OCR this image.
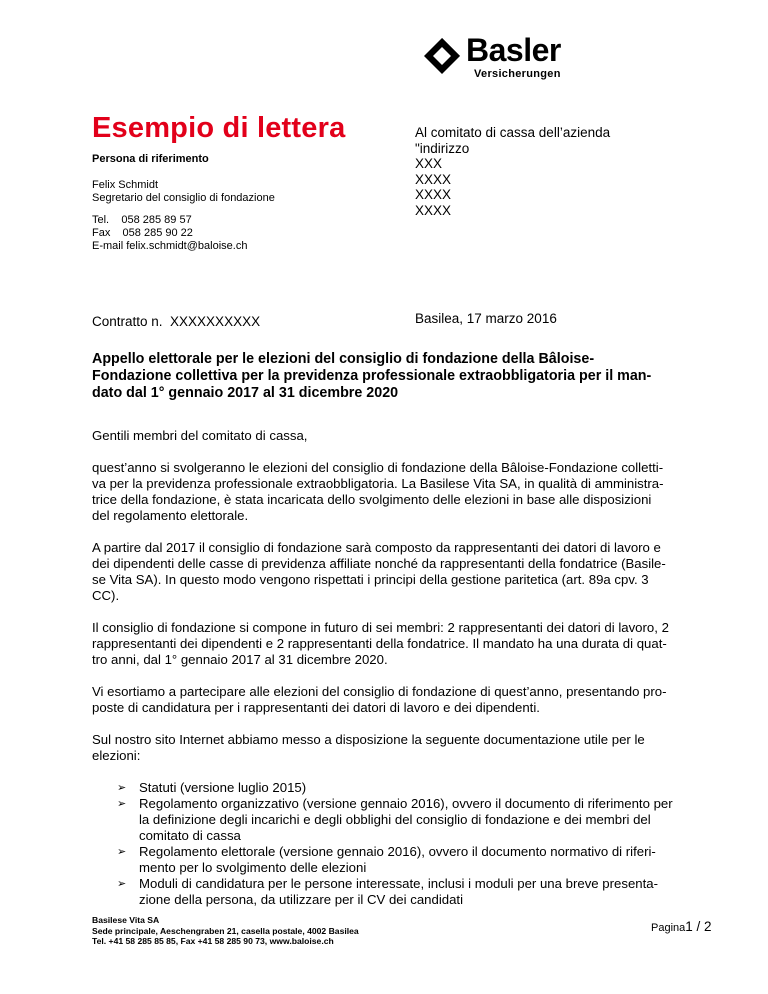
Basler
Versicherungen
Esempio di lettera
Persona di riferimento
Felix Schmidt
Segretario del consiglio di fondazione
Tel.    058 285 89 57
Fax    058 285 90 22
E-mail felix.schmidt@baloise.ch
Al comitato di cassa dell’azienda
"indirizzo
XXX
XXXX
XXXX
XXXX
Contratto n.  XXXXXXXXXX	Basilea, 17 marzo 2016
Appello elettorale per le elezioni del consiglio di fondazione della Bâloise-
Fondazione collettiva per la previdenza professionale extraobbligatoria per il man-
dato dal 1° gennaio 2017 al 31 dicembre 2020

Gentili membri del comitato di cassa,

quest’anno si svolgeranno le elezioni del consiglio di fondazione della Bâloise-Fondazione colletti-
va per la previdenza professionale extraobbligatoria. La Basilese Vita SA, in qualità di amministra-
trice della fondazione, è stata incaricata dello svolgimento delle elezioni in base alle disposizioni
del regolamento elettorale.

A partire dal 2017 il consiglio di fondazione sarà composto da rappresentanti dei datori di lavoro e
dei dipendenti delle casse di previdenza affiliate nonché da rappresentanti della fondatrice (Basile-
se Vita SA). In questo modo vengono rispettati i principi della gestione paritetica (art. 89a cpv. 3
CC).

Il consiglio di fondazione si compone in futuro di sei membri: 2 rappresentanti dei datori di lavoro, 2
rappresentanti dei dipendenti e 2 rappresentanti della fondatrice. Il mandato ha una durata di quat-
tro anni, dal 1° gennaio 2017 al 31 dicembre 2020.

Vi esortiamo a partecipare alle elezioni del consiglio di fondazione di quest’anno, presentando pro-
poste di candidatura per i rappresentanti dei datori di lavoro e dei dipendenti.

Sul nostro sito Internet abbiamo messo a disposizione la seguente documentazione utile per le
elezioni:

➢ Statuti (versione luglio 2015)
➢ Regolamento organizzativo (versione gennaio 2016), ovvero il documento di riferimento per
la definizione degli incarichi e degli obblighi del consiglio di fondazione e dei membri del
comitato di cassa
➢ Regolamento elettorale (versione gennaio 2016), ovvero il documento normativo di riferi-
mento per lo svolgimento delle elezioni
➢ Moduli di candidatura per le persone interessate, inclusi i moduli per una breve presenta-
zione della persona, da utilizzare per il CV dei candidati
Basilese Vita SA
Sede principale, Aeschengraben 21, casella postale, 4002 Basilea
Tel. +41 58 285 85 85, Fax +41 58 285 90 73, www.baloise.ch
Pagina1 / 2
